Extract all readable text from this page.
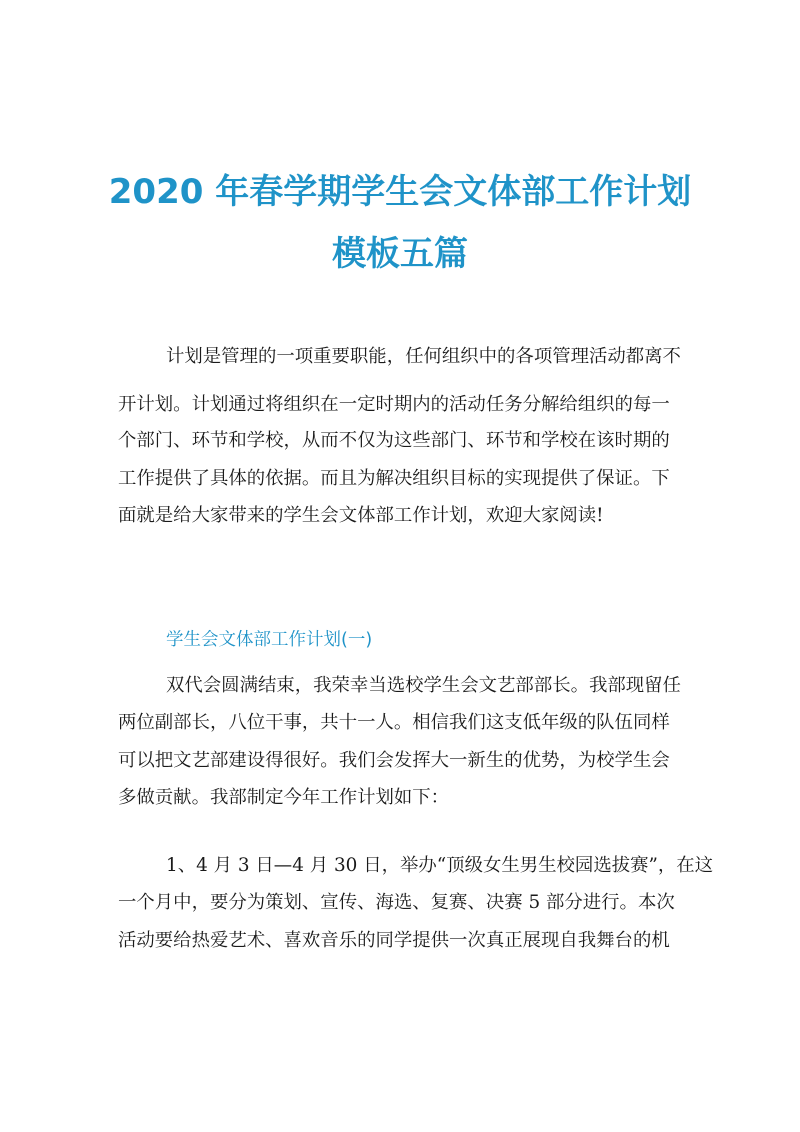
2020 年春学期学生会文体部工作计划
模板五篇
计划是管理的一项重要职能，任何组织中的各项管理活动都离不
开计划。计划通过将组织在一定时期内的活动任务分解给组织的每一
个部门、环节和学校，从而不仅为这些部门、环节和学校在该时期的
工作提供了具体的依据。而且为解决组织目标的实现提供了保证。下
面就是给大家带来的学生会文体部工作计划，欢迎大家阅读!
学生会文体部工作计划(一)
双代会圆满结束，我荣幸当选校学生会文艺部部长。我部现留任
两位副部长，八位干事，共十一人。相信我们这支低年级的队伍同样
可以把文艺部建设得很好。我们会发挥大一新生的优势，为校学生会
多做贡献。我部制定今年工作计划如下：
1、4 月 3 日—4 月 30 日，举办“顶级女生男生校园选拔赛”，在这
一个月中，要分为策划、宣传、海选、复赛、决赛 5 部分进行。本次
活动要给热爱艺术、喜欢音乐的同学提供一次真正展现自我舞台的机
